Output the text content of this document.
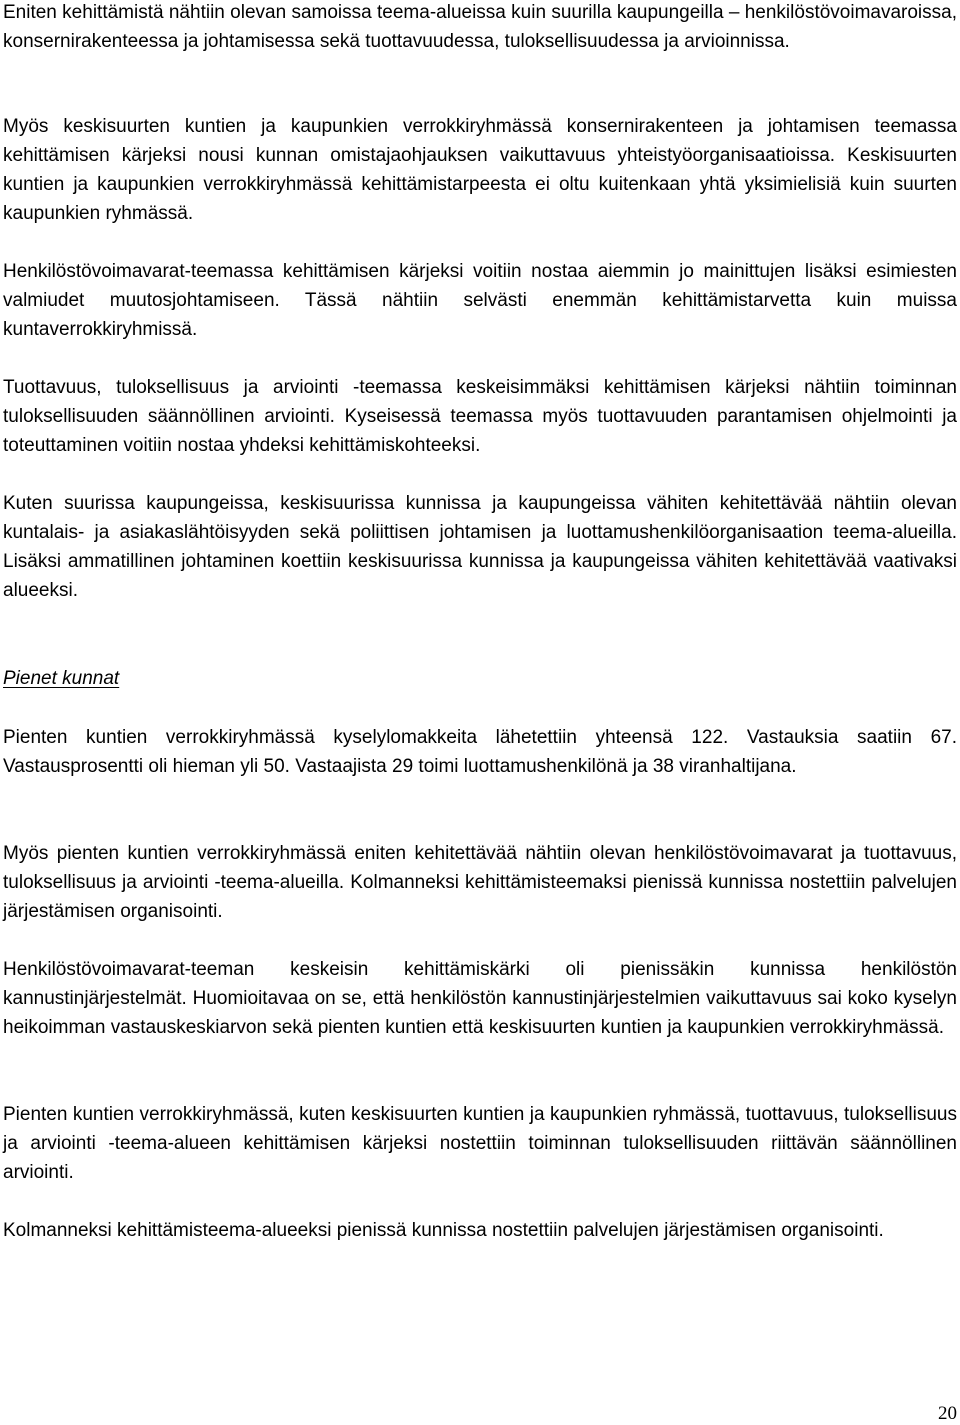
Eniten kehittämistä nähtiin olevan samoissa teema-alueissa kuin suurilla kaupungeilla – henkilöstövoimavaroissa, konsernirakenteessa ja johtamisessa sekä tuottavuudessa, tuloksellisuudessa ja arvioinnissa.

Myös keskisuurten kuntien ja kaupunkien verrokkiryhmässä konsernirakenteen ja johtamisen teemassa kehittämisen kärjeksi nousi kunnan omistajaohjauksen vaikuttavuus yhteistyöorganisaatioissa. Keskisuurten kuntien ja kaupunkien verrokkiryhmässä kehittämistarpeesta ei oltu kuitenkaan yhtä yksimielisiä kuin suurten kaupunkien ryhmässä.

Henkilöstövoimavarat-teemassa kehittämisen kärjeksi voitiin nostaa aiemmin jo mainittujen lisäksi esimiesten valmiudet muutosjohtamiseen. Tässä nähtiin selvästi enemmän kehittämistarvetta kuin muissa kuntaverrokkiryhmissä.

Tuottavuus, tuloksellisuus ja arviointi -teemassa keskeisimmäksi kehittämisen kärjeksi nähtiin toiminnan tuloksellisuuden säännöllinen arviointi. Kyseisessä teemassa myös tuottavuuden parantamisen ohjelmointi ja toteuttaminen voitiin nostaa yhdeksi kehittämiskohteeksi.

Kuten suurissa kaupungeissa, keskisuurissa kunnissa ja kaupungeissa vähiten kehitettävää nähtiin olevan kuntalais- ja asiakaslähtöisyyden sekä poliittisen johtamisen ja luottamushenkilöorganisaation teema-alueilla. Lisäksi ammatillinen johtaminen koettiin keskisuurissa kunnissa ja kaupungeissa vähiten kehitettävää vaativaksi alueeksi.

Pienet kunnat

Pienten kuntien verrokkiryhmässä kyselylomakkeita lähetettiin yhteensä 122. Vastauksia saatiin 67. Vastausprosentti oli hieman yli 50. Vastaajista 29 toimi luottamushenkilönä ja 38 viranhaltijana.

Myös pienten kuntien verrokkiryhmässä eniten kehitettävää nähtiin olevan henkilöstövoimavarat ja tuottavuus, tuloksellisuus ja arviointi -teema-alueilla. Kolmanneksi kehittämisteemaksi pienissä kunnissa nostettiin palvelujen järjestämisen organisointi.

Henkilöstövoimavarat-teeman keskeisin kehittämiskärki oli pienissäkin kunnissa henkilöstön kannustinjärjestelmät. Huomioitavaa on se, että henkilöstön kannustinjärjestelmien vaikuttavuus sai koko kyselyn heikoimman vastauskeskiarvon sekä pienten kuntien että keskisuurten kuntien ja kaupunkien verrokkiryhmässä.

Pienten kuntien verrokkiryhmässä, kuten keskisuurten kuntien ja kaupunkien ryhmässä, tuottavuus, tuloksellisuus ja arviointi -teema-alueen kehittämisen kärjeksi nostettiin toiminnan tuloksellisuuden riittävän säännöllinen arviointi.

Kolmanneksi kehittämisteema-alueeksi pienissä kunnissa nostettiin palvelujen järjestämisen organisointi.

20
